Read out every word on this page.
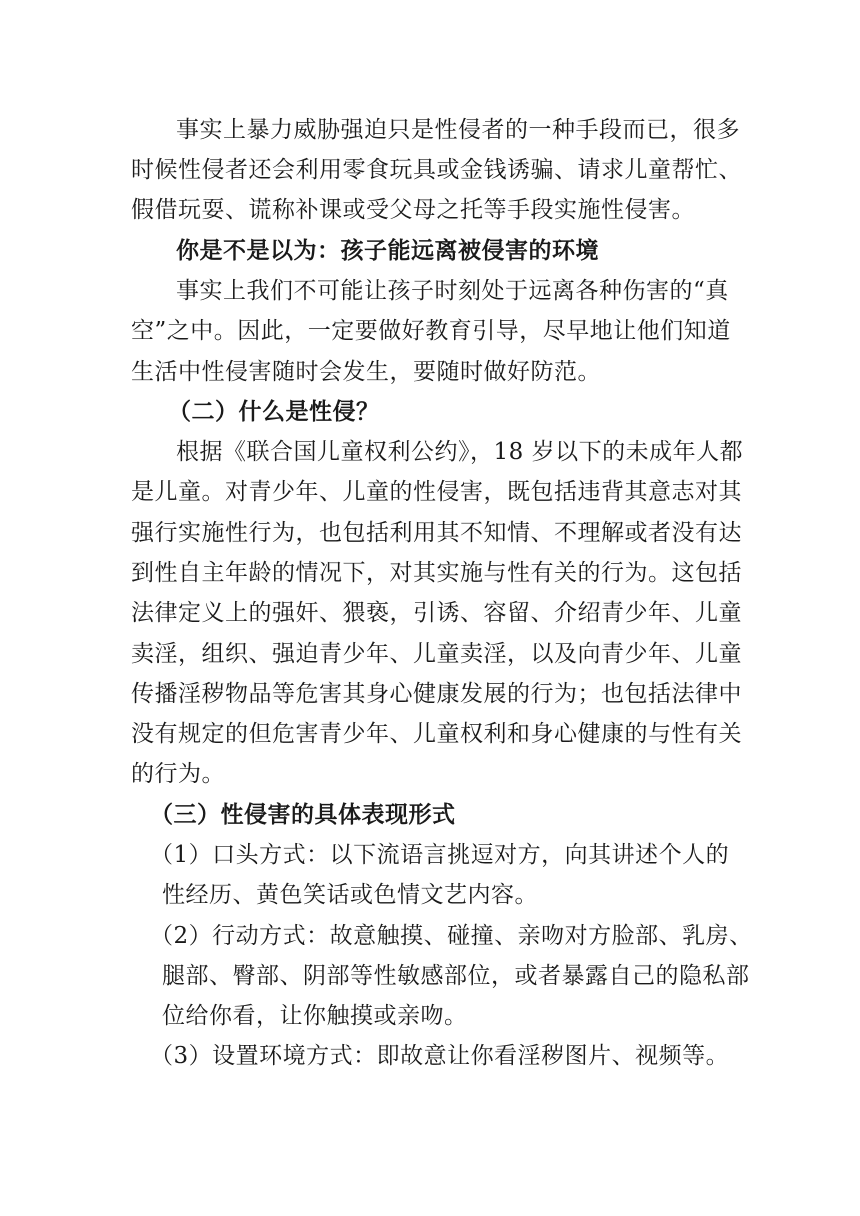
事实上暴力威胁强迫只是性侵者的一种手段而已，很多
时候性侵者还会利用零食玩具或金钱诱骗、请求儿童帮忙、
假借玩耍、谎称补课或受父母之托等手段实施性侵害。
你是不是以为：孩子能远离被侵害的环境
事实上我们不可能让孩子时刻处于远离各种伤害的“真
空”之中。因此，一定要做好教育引导，尽早地让他们知道
生活中性侵害随时会发生，要随时做好防范。
（二）什么是性侵？
根据《联合国儿童权利公约》，18 岁以下的未成年人都
是儿童。对青少年、儿童的性侵害，既包括违背其意志对其
强行实施性行为，也包括利用其不知情、不理解或者没有达
到性自主年龄的情况下，对其实施与性有关的行为。这包括
法律定义上的强奸、猥亵，引诱、容留、介绍青少年、儿童
卖淫，组织、强迫青少年、儿童卖淫，以及向青少年、儿童
传播淫秽物品等危害其身心健康发展的行为；也包括法律中
没有规定的但危害青少年、儿童权利和身心健康的与性有关
的行为。
（三）性侵害的具体表现形式
（1）口头方式：以下流语言挑逗对方，向其讲述个人的
性经历、黄色笑话或色情文艺内容。
（2）行动方式：故意触摸、碰撞、亲吻对方脸部、乳房、
腿部、臀部、阴部等性敏感部位，或者暴露自己的隐私部
位给你看，让你触摸或亲吻。
（3）设置环境方式：即故意让你看淫秽图片、视频等。
